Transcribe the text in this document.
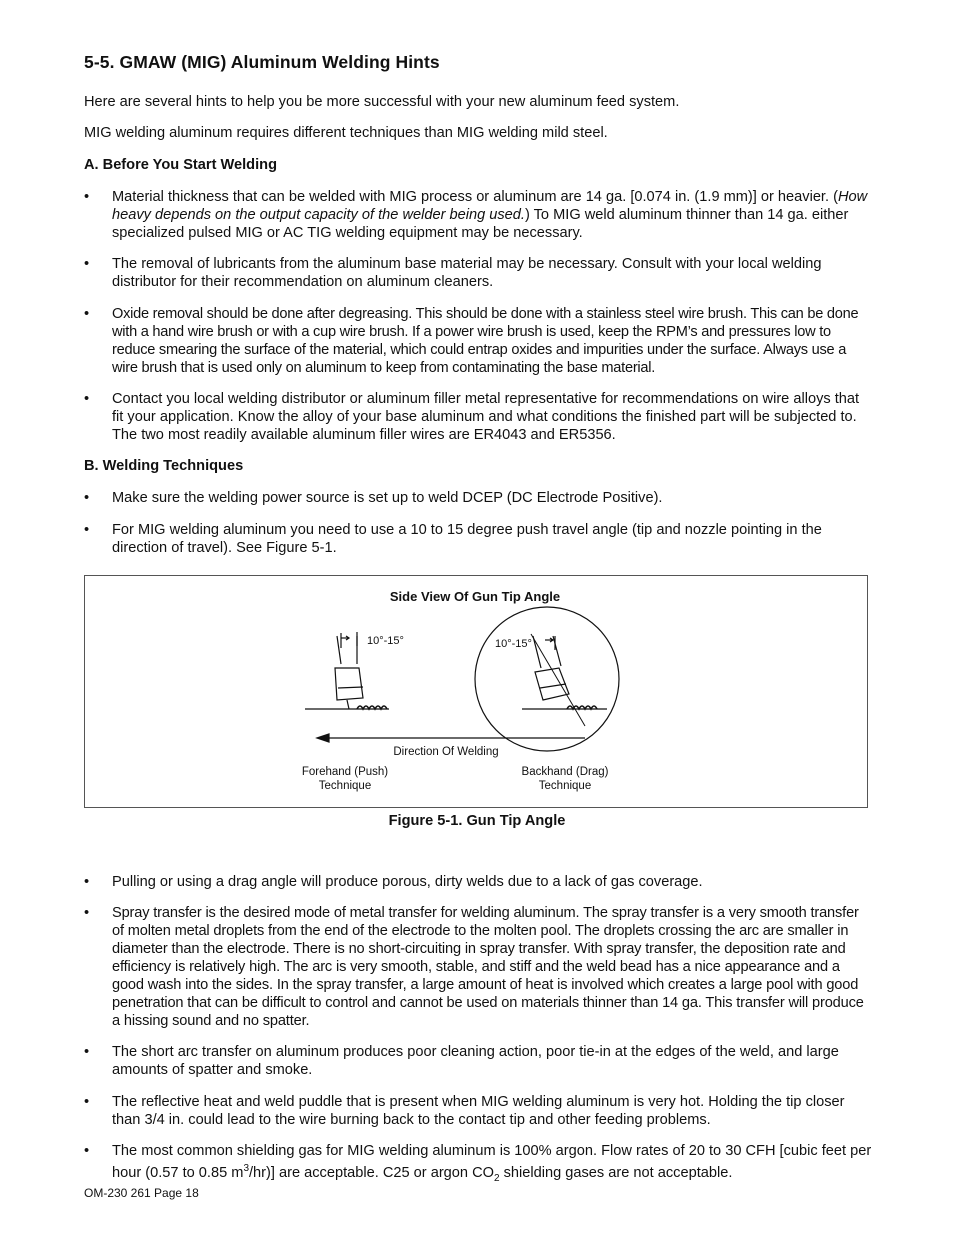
5-5. GMAW (MIG) Aluminum Welding Hints

Here are several hints to help you be more successful with your new aluminum feed system.

MIG welding aluminum requires different techniques than MIG welding mild steel.

A. Before You Start Welding

• Material thickness that can be welded with MIG process or aluminum are 14 ga. [0.074 in. (1.9 mm)] or heavier. (How heavy depends on the output capacity of the welder being used.) To MIG weld aluminum thinner than 14 ga. either specialized pulsed MIG or AC TIG welding equipment may be necessary.
• The removal of lubricants from the aluminum base material may be necessary. Consult with your local welding distributor for their recommendation on aluminum cleaners.
• Oxide removal should be done after degreasing. This should be done with a stainless steel wire brush. This can be done with a hand wire brush or with a cup wire brush. If a power wire brush is used, keep the RPM’s and pressures low to reduce smearing the surface of the material, which could entrap oxides and impurities under the surface. Always use a wire brush that is used only on aluminum to keep from contaminating the base material.
• Contact you local welding distributor or aluminum filler metal representative for recommendations on wire alloys that fit your application. Know the alloy of your base aluminum and what conditions the finished part will be subjected to. The two most readily available aluminum filler wires are ER4043 and ER5356.

B. Welding Techniques

• Make sure the welding power source is set up to weld DCEP (DC Electrode Positive).
• For MIG welding aluminum you need to use a 10 to 15 degree push travel angle (tip and nozzle pointing in the direction of travel). See Figure 5-1.
Side View Of Gun Tip Angle
10°-15°	10°-15°
Direction Of Welding
Forehand (Push)
Technique
Backhand (Drag)
Technique

Figure 5-1. Gun Tip Angle

• Pulling or using a drag angle will produce porous, dirty welds due to a lack of gas coverage.
• Spray transfer is the desired mode of metal transfer for welding aluminum. The spray transfer is a very smooth transfer of molten metal droplets from the end of the electrode to the molten pool. The droplets crossing the arc are smaller in diameter than the electrode. There is no short-circuiting in spray transfer. With spray transfer, the deposition rate and efficiency is relatively high. The arc is very smooth, stable, and stiff and the weld bead has a nice appearance and a good wash into the sides. In the spray transfer, a large amount of heat is involved which creates a large pool with good penetration that can be difficult to control and cannot be used on materials thinner than 14 ga. This transfer will produce a hissing sound and no spatter.
• The short arc transfer on aluminum produces poor cleaning action, poor tie-in at the edges of the weld, and large amounts of spatter and smoke.
• The reflective heat and weld puddle that is present when MIG welding aluminum is very hot. Holding the tip closer than 3/4 in. could lead to the wire burning back to the contact tip and other feeding problems.
• The most common shielding gas for MIG welding aluminum is 100% argon. Flow rates of 20 to 30 CFH [cubic feet per hour (0.57 to 0.85 $m^3/hr$)] are acceptable. C25 or argon $CO_2$ shielding gases are not acceptable.
OM-230 261 Page 18
